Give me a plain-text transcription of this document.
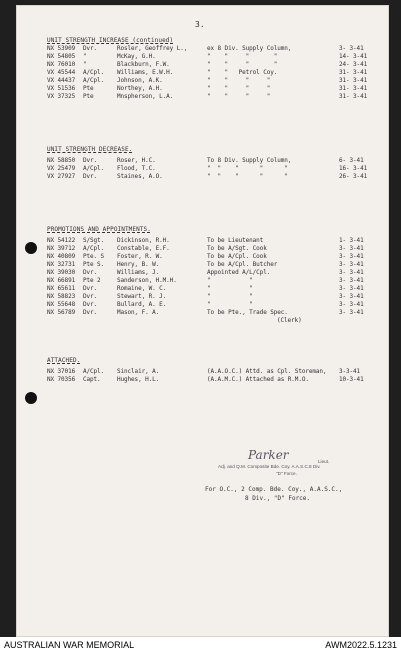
3.
UNIT STRENGTH INCREASE (continued)
NX 53909 Dvr.	Rosler, Geoffrey L.,	ex 8 Div. Supply Column,	3- 3-41
NX 54805 "	McKay, G.H.	"    "     "       "	14- 3-41
NX 76010 "	Blackburn, F.W.	"    "     "       "	24- 3-41
VX 45544 A/Cpl. Williams, E.W.H.	"    "   Petrol Coy.	31- 3-41
VX 44437 A/Cpl. Johnson, A.K.	"    "     "     "	31- 3-41
VX 51536 Pte	Northey, A.H.	"    "     "     "	31- 3-41
VX 37325 Pte	Mnspherson, L.A.	"    "     "     "	31- 3-41
UNIT STRENGTH DECREASE.
NX 58850 Dvr.	Roser, H.C.	To 8 Div. Supply Column,	6- 3-41
VX 25479 A/Cpl. Flood, T.C.	"  "    "      "      "	16- 3-41
VX 27927 Dvr.	Staines, A.O.	"  "    "      "      "	26- 3-41
PROMOTIONS AND APPOINTMENTS.
NX 54122 S/Sgt. Dickinson, R.H.	To be Lieutenant	1- 3-41
NX 39712 A/Cpl. Constable, E.F.	To be A/Sgt. Cook	3- 3-41
NX 40809 Pte. S Foster, R. W.	To be A/Cpl. Cook	3- 3-41
NX 32731 Pte S. Henry, B. W.	To be A/Cpl. Butcher	3- 3-41
NX 39030 Dvr.	Williams, J.	Appointed A/L/Cpl.	3- 3-41
NX 66891 Pte 2	Sanderson, H.M.H.	"           "	3- 3-41
NX 65611 Dvr.	Romaine, W. C.	"           "	3- 3-41
NX 58823 Dvr.	Stewart, R. J.	"           "	3- 3-41
NX 55648 Dvr.	Bullard, A. E.	"           "	3- 3-41
NX 56789 Dvr.	Mason, F. A.	To be Pte., Trade Spec.	3- 3-41
(Clerk)
ATTACHED.
NX 37016 A/Cpl. Sinclair, A.	(A.A.O.C.) Attd. as Cpl. Storeman, 3-3-41
NX 70356 Capt.	Hughes, H.L.	(A.A.M.C.) Attached as R.M.O.	10-3-41
Parker	Lieut.
Adj. and Q.M. Composite Bde. Coy. A.A.S.C.8 Div.
"D" Force.
For O.C., 2 Comp. Bde. Coy., A.A.S.C.,
8 Div., "D" Force.
AUSTRALIAN WAR MEMORIAL	AWM2022.5.1231
